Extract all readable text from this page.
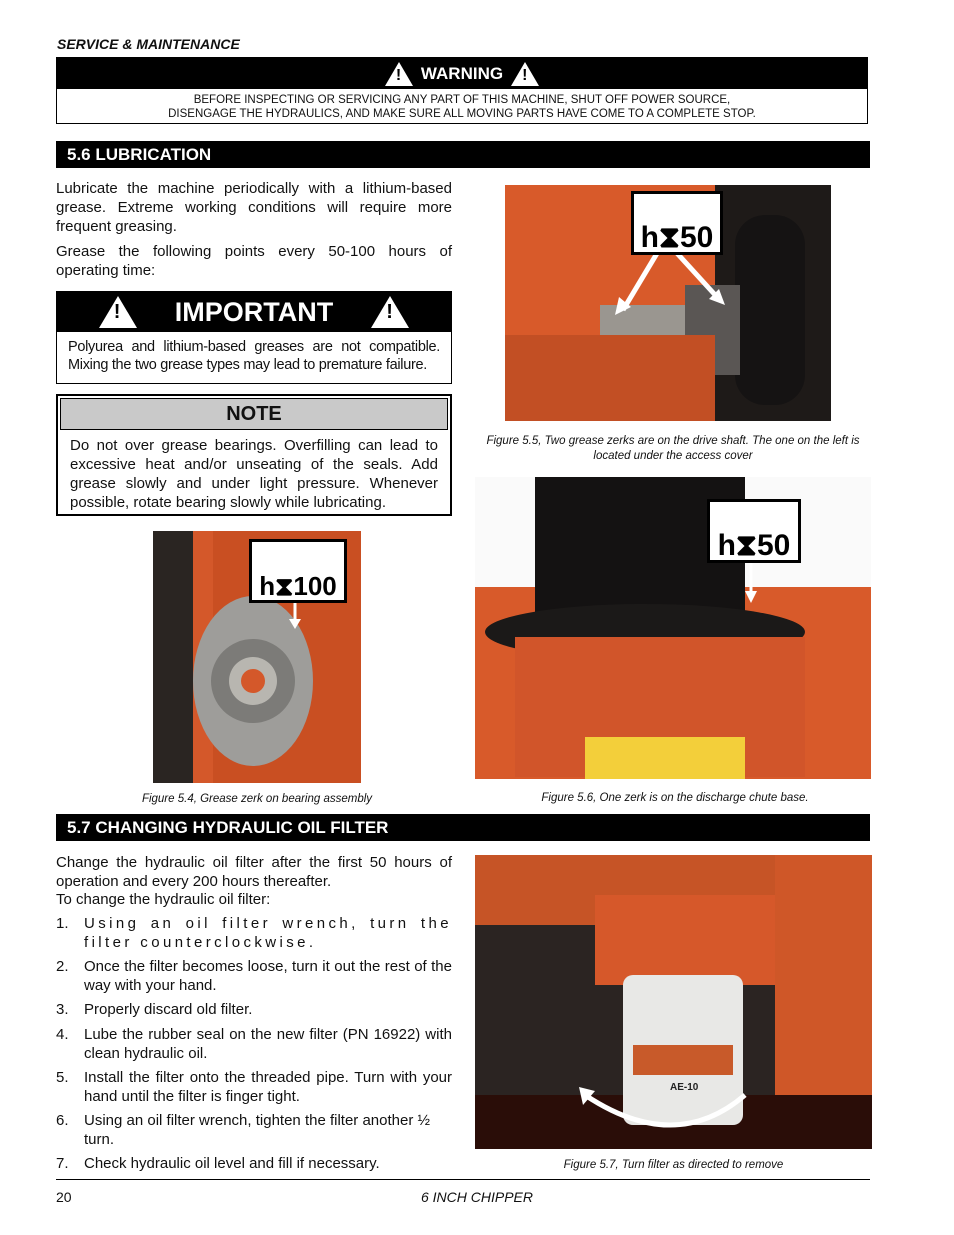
SERVICE & MAINTENANCE
! WARNING !
BEFORE INSPECTING OR SERVICING ANY PART OF THIS MACHINE, SHUT OFF POWER SOURCE,
DISENGAGE THE HYDRAULICS, AND MAKE SURE ALL MOVING PARTS HAVE COME TO A COMPLETE STOP.
5.6 LUBRICATION
Lubricate the machine periodically with a lithium-based grease. Extreme working conditions will require more frequent greasing.
Grease the following points every 50-100 hours of operating time:
! IMPORTANT	!
Polyurea and lithium-based greases are not compatible. Mixing the two grease types may lead to premature failure.
NOTE
Do not over grease bearings. Overfilling can lead to excessive heat and/or unseating of the seals. Add grease slowly and under light pressure. Whenever possible, rotate bearing slowly while lubricating.
h⧗50
Figure 5.5, Two grease zerks are on the drive shaft. The one on the left is located under the access cover
h⧗100
Figure 5.4, Grease zerk on bearing assembly
h⧗50
Figure 5.6, One zerk is on the discharge chute base.
5.7 CHANGING HYDRAULIC OIL FILTER
Change the hydraulic oil filter after the first 50 hours of operation and every 200 hours thereafter.
To change the hydraulic oil filter:
1. Using an oil filter wrench, turn the filter counterclockwise.
2. Once the filter becomes loose, turn it out the rest of the way with your hand.
3. Properly discard old filter.
4. Lube the rubber seal on the new filter (PN 16922) with clean hydraulic oil.
5. Install the filter onto the threaded pipe. Turn with your hand until the filter is finger tight.
6. Using an oil filter wrench, tighten the filter another ½ turn.
7. Check hydraulic oil level and fill if necessary.
AE-10
Figure 5.7, Turn filter as directed to remove
20	6 INCH CHIPPER
